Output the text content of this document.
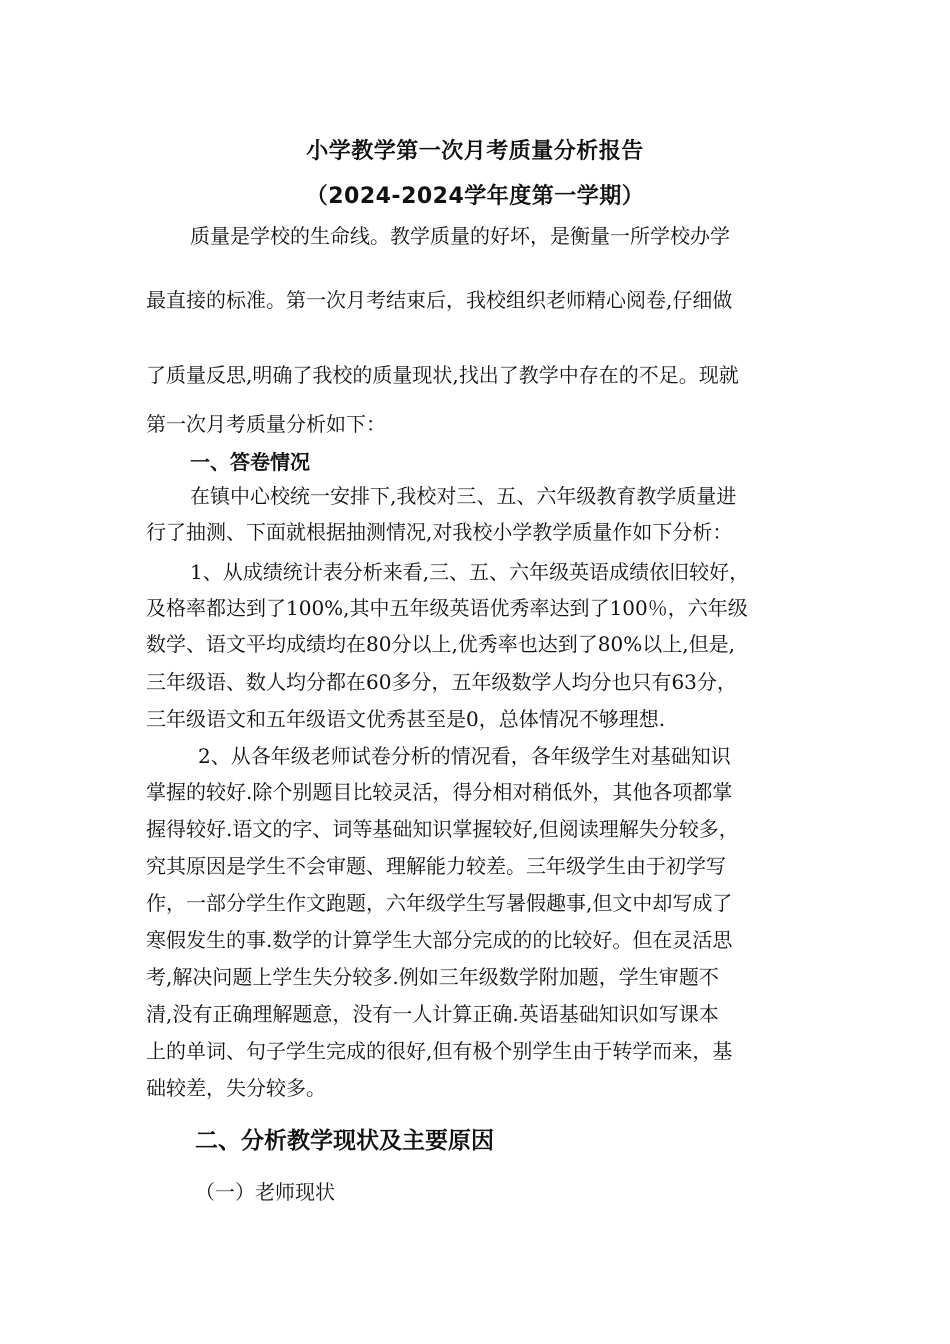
小学教学第一次月考质量分析报告
（2024-2024学年度第一学期）
质量是学校的生命线。教学质量的好坏，是衡量一所学校办学
最直接的标准。第一次月考结束后，我校组织老师精心阅卷,仔细做
了质量反思,明确了我校的质量现状,找出了教学中存在的不足。现就
第一次月考质量分析如下：
一、答卷情况
在镇中心校统一安排下,我校对三、五、六年级教育教学质量进
行了抽测、下面就根据抽测情况,对我校小学教学质量作如下分析：
1、从成绩统计表分析来看,三、五、六年级英语成绩依旧较好，
及格率都达到了100%,其中五年级英语优秀率达到了100％，六年级
数学、语文平均成绩均在80分以上,优秀率也达到了80%以上,但是,
三年级语、数人均分都在60多分，五年级数学人均分也只有63分，
三年级语文和五年级语文优秀甚至是0，总体情况不够理想.
2、从各年级老师试卷分析的情况看，各年级学生对基础知识
掌握的较好.除个别题目比较灵活，得分相对稍低外，其他各项都掌
握得较好.语文的字、词等基础知识掌握较好,但阅读理解失分较多，
究其原因是学生不会审题、理解能力较差。三年级学生由于初学写
作，一部分学生作文跑题，六年级学生写暑假趣事,但文中却写成了
寒假发生的事.数学的计算学生大部分完成的的比较好。但在灵活思
考,解决问题上学生失分较多.例如三年级数学附加题，学生审题不
清,没有正确理解题意，没有一人计算正确.英语基础知识如写课本
上的单词、句子学生完成的很好,但有极个别学生由于转学而来，基
础较差，失分较多。
二、分析教学现状及主要原因
（一）老师现状
